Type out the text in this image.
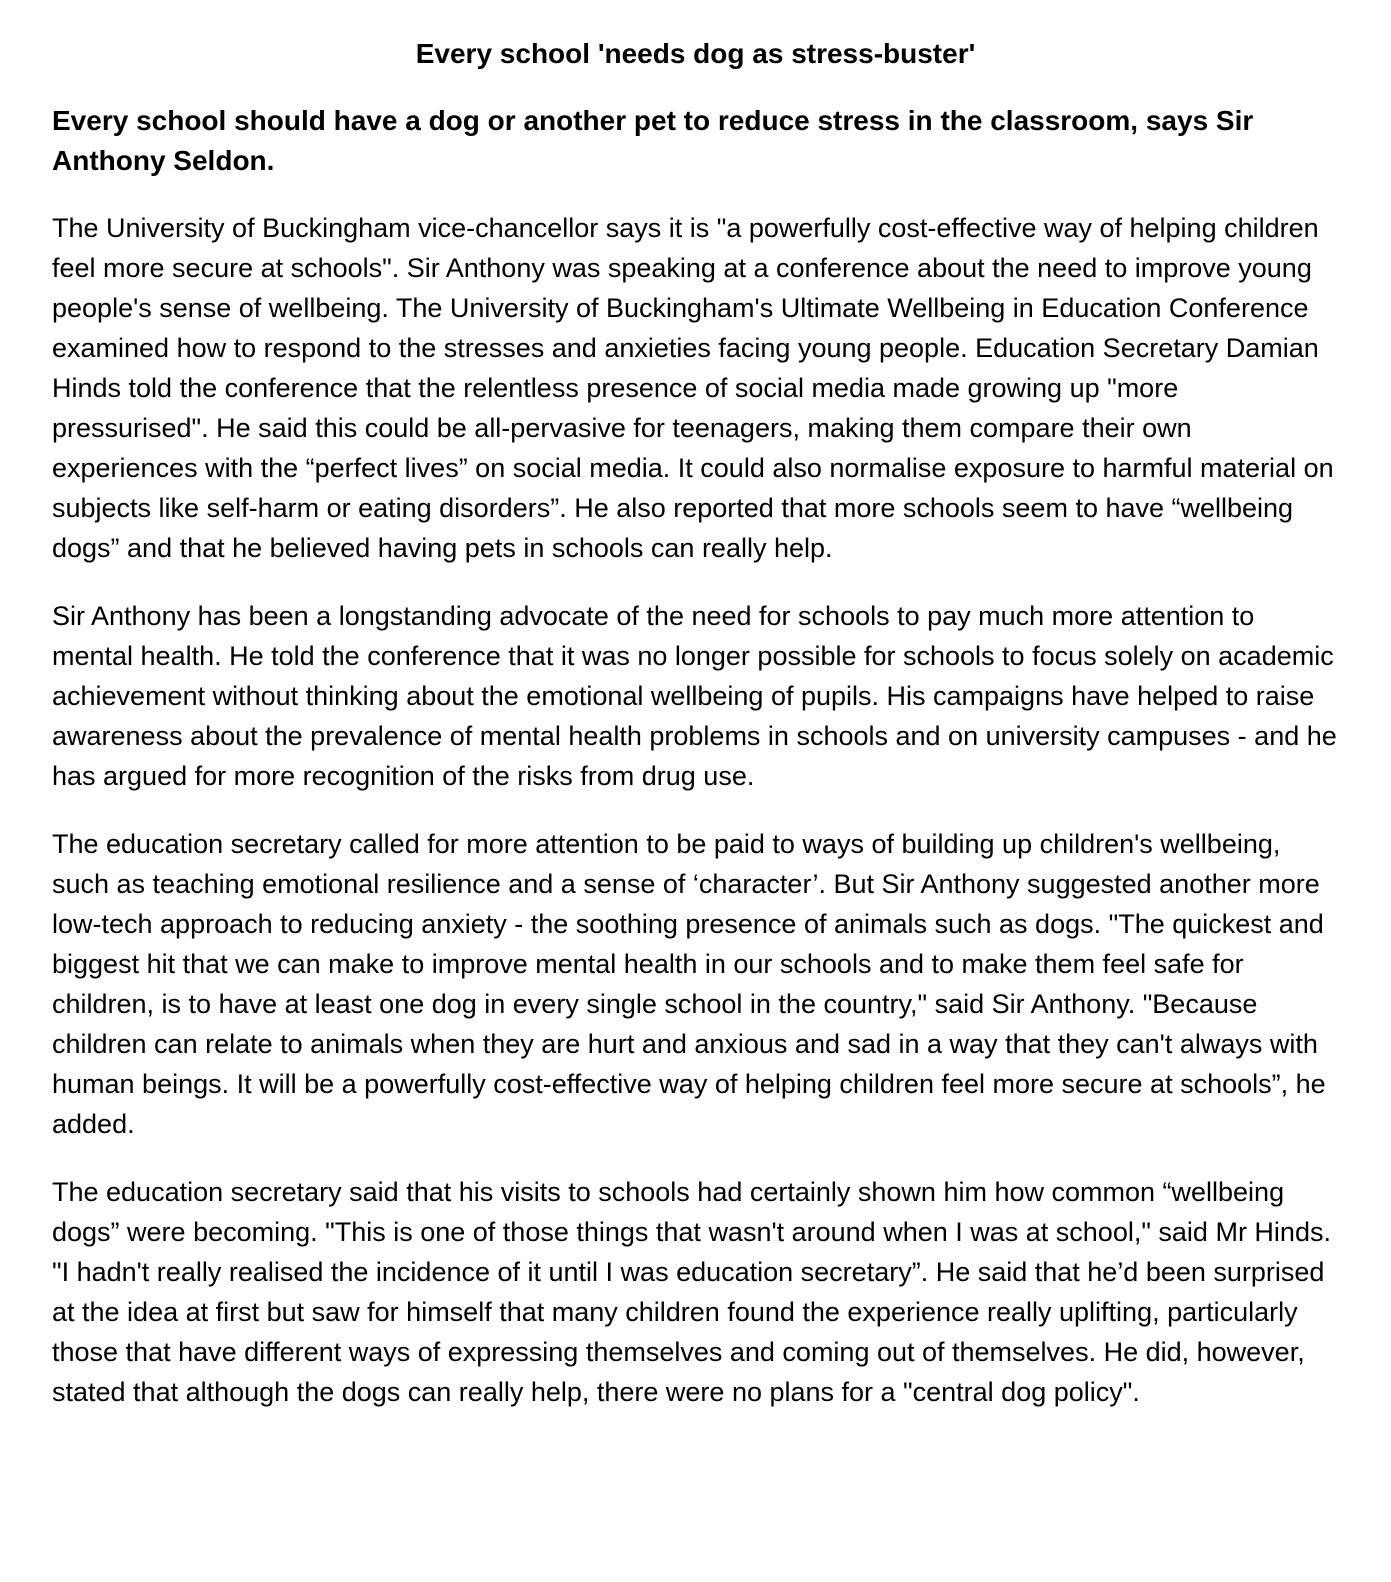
Every school 'needs dog as stress-buster'

Every school should have a dog or another pet to reduce stress in the classroom, says Sir Anthony Seldon.

The University of Buckingham vice-chancellor says it is "a powerfully cost-effective way of helping children feel more secure at schools". Sir Anthony was speaking at a conference about the need to improve young people's sense of wellbeing. The University of Buckingham's Ultimate Wellbeing in Education Conference examined how to respond to the stresses and anxieties facing young people. Education Secretary Damian Hinds told the conference that the relentless presence of social media made growing up "more pressurised". He said this could be all-pervasive for teenagers, making them compare their own experiences with the “perfect lives” on social media. It could also normalise exposure to harmful material on subjects like self-harm or eating disorders”. He also reported that more schools seem to have “wellbeing dogs” and that he believed having pets in schools can really help.

Sir Anthony has been a longstanding advocate of the need for schools to pay much more attention to mental health. He told the conference that it was no longer possible for schools to focus solely on academic achievement without thinking about the emotional wellbeing of pupils. His campaigns have helped to raise awareness about the prevalence of mental health problems in schools and on university campuses - and he has argued for more recognition of the risks from drug use.

The education secretary called for more attention to be paid to ways of building up children's wellbeing, such as teaching emotional resilience and a sense of ‘character’. But Sir Anthony suggested another more low-tech approach to reducing anxiety - the soothing presence of animals such as dogs. "The quickest and biggest hit that we can make to improve mental health in our schools and to make them feel safe for children, is to have at least one dog in every single school in the country," said Sir Anthony. "Because children can relate to animals when they are hurt and anxious and sad in a way that they can't always with human beings. It will be a powerfully cost-effective way of helping children feel more secure at schools”, he added.

The education secretary said that his visits to schools had certainly shown him how common “wellbeing dogs” were becoming. "This is one of those things that wasn't around when I was at school," said Mr Hinds. "I hadn't really realised the incidence of it until I was education secretary”. He said that he’d been surprised at the idea at first but saw for himself that many children found the experience really uplifting, particularly those that have different ways of expressing themselves and coming out of themselves. He did, however, stated that although the dogs can really help, there were no plans for a "central dog policy".
